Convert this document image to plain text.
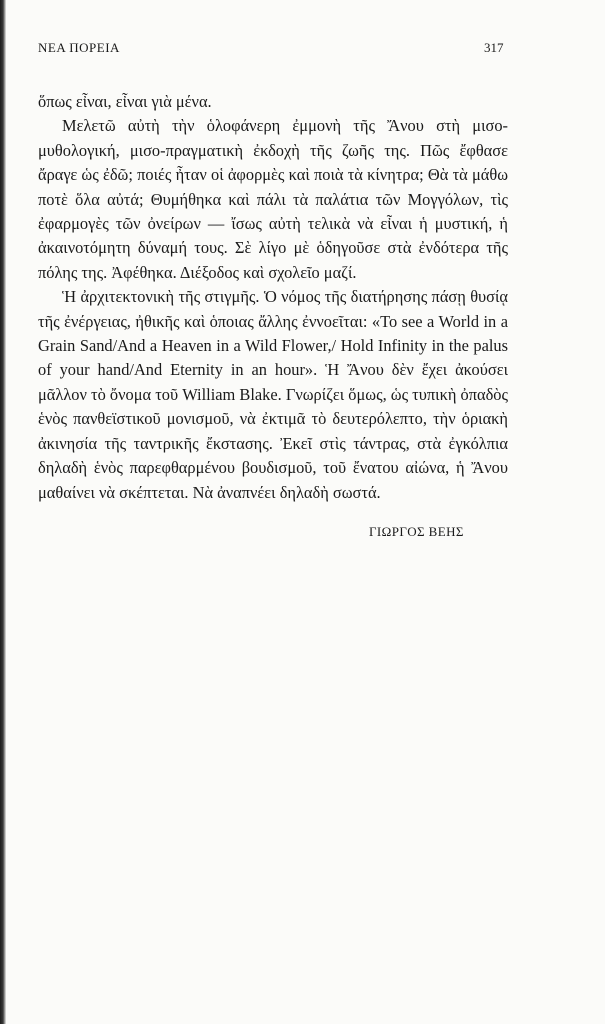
ΝΕΑ ΠΟΡΕΙΑ	317

ὅπως εἶναι, εἶναι γιὰ μένα.

Μελετῶ αὐτὴ τὴν ὁλοφάνερη ἐμμονὴ τῆς Ἄνου στὴ μισο-μυθολογική, μισο-πραγματικὴ ἐκδοχὴ τῆς ζωῆς της. Πῶς ἔφθασε ἄραγε ὡς ἐδῶ; ποιές ἦταν οἱ ἀφορμὲς καὶ ποιὰ τὰ κίνητρα; Θὰ τὰ μάθω ποτὲ ὅλα αὐτά; Θυμήθηκα καὶ πάλι τὰ παλάτια τῶν Μογγόλων, τὶς ἐφαρμογὲς τῶν ὀνείρων — ἴσως αὐτὴ τελικὰ νὰ εἶναι ἡ μυστική, ἡ ἀκαινοτόμητη δύναμή τους. Σὲ λίγο μὲ ὁδηγοῦσε στὰ ἐνδότερα τῆς πόλης της. Ἀφέθηκα. Διέξοδος καὶ σχολεῖο μαζί.

Ἡ ἀρχιτεκτονικὴ τῆς στιγμῆς. Ὁ νόμος τῆς διατήρησης πάσῃ θυσίᾳ τῆς ἐνέργειας, ἠθικῆς καὶ ὁποιας ἄλλης ἐννοεῖται: «To see a World in a Grain Sand/And a Heaven in a Wild Flower,/ Hold Infinity in the palus of your hand/And Eternity in an hour». Ἡ Ἄνου δὲν ἔχει ἀκούσει μᾶλλον τὸ ὄνομα τοῦ William Blake. Γνωρίζει ὅμως, ὡς τυπικὴ ὀπαδὸς ἑνὸς πανθεϊστικοῦ μονισμοῦ, νὰ ἐκτιμᾶ τὸ δευτερόλεπτο, τὴν ὁριακὴ ἀκινησία τῆς ταντρικῆς ἔκστασης. Ἐκεῖ στὶς τάντρας, στὰ ἐγκόλπια δηλαδὴ ἑνὸς παρεφθαρμένου βουδισμοῦ, τοῦ ἔνατου αἰώνα, ἡ Ἄνου μαθαίνει νὰ σκέπτεται. Νὰ ἀναπνέει δηλαδὴ σωστά.

ΓΙΩΡΓΟΣ ΒΕΗΣ
